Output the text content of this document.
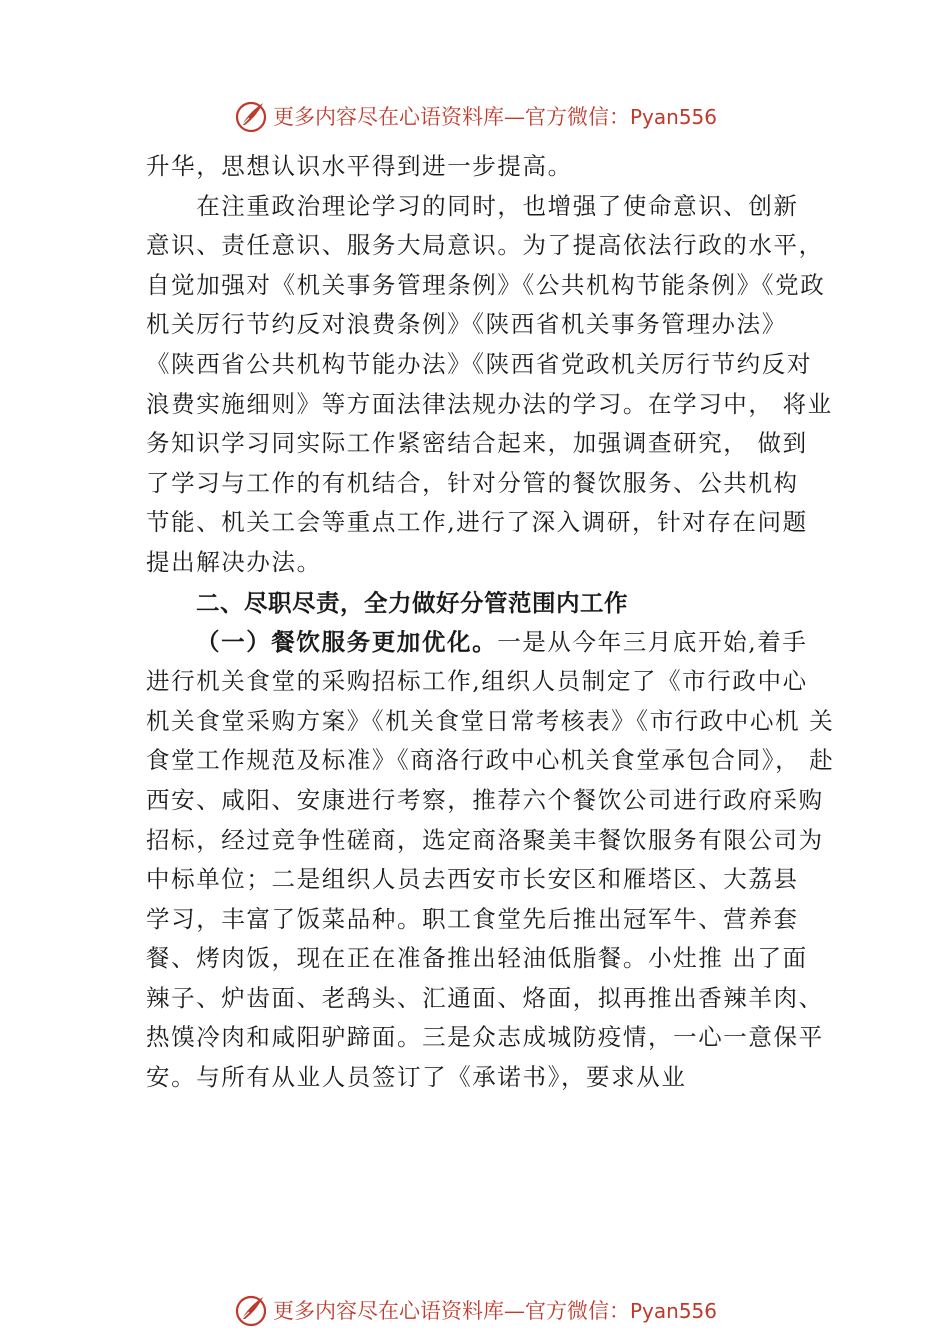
更多内容尽在心语资料库—官方微信：Pyan556
升华，思想认识水平得到进一步提高。
　　在注重政治理论学习的同时，也增强了使命意识、创新
意识、责任意识、服务大局意识。为了提高依法行政的水平，
自觉加强对《机关事务管理条例》《公共机构节能条例》《党政
机关厉行节约反对浪费条例》《陕西省机关事务管理办法》
《陕西省公共机构节能办法》《陕西省党政机关厉行节约反对
浪费实施细则》等方面法律法规办法的学习。在学习中， 将业
务知识学习同实际工作紧密结合起来，加强调查研究， 做到
了学习与工作的有机结合，针对分管的餐饮服务、公共机构
节能、机关工会等重点工作,进行了深入调研，针对存在问题
提出解决办法。
二、尽职尽责，全力做好分管范围内工作
（一）餐饮服务更加优化。一是从今年三月底开始,着手
进行机关食堂的采购招标工作,组织人员制定了《市行政中心
机关食堂采购方案》《机关食堂日常考核表》《市行政中心机 关
食堂工作规范及标准》《商洛行政中心机关食堂承包合同》， 赴
西安、咸阳、安康进行考察，推荐六个餐饮公司进行政府采购
招标，经过竞争性磋商，选定商洛聚美丰餐饮服务有限公司为
中标单位；二是组织人员去西安市长安区和雁塔区、大荔县
学习，丰富了饭菜品种。职工食堂先后推出冠军牛、营养套
餐、烤肉饭，现在正在准备推出轻油低脂餐。小灶推 出了面
辣子、炉齿面、老鸹头、汇通面、烙面，拟再推出香辣羊肉、
热馍冷肉和咸阳驴蹄面。三是众志成城防疫情，一心一意保平
安。与所有从业人员签订了《承诺书》，要求从业
更多内容尽在心语资料库—官方微信：Pyan556
